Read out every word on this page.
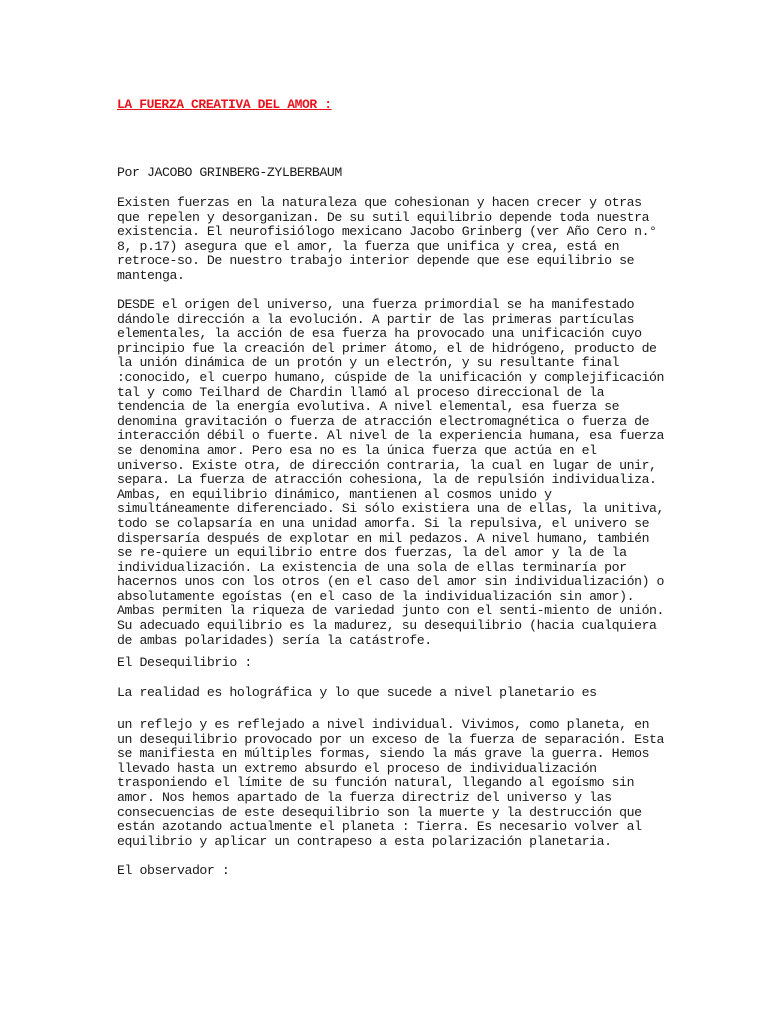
LA FUERZA CREATIVA DEL AMOR :

Por JACOBO GRINBERG-ZYLBERBAUM

Existen fuerzas en la naturaleza que cohesionan y hacen crecer y otras
que repelen y desorganizan. De su sutil equilibrio depende toda nuestra
existencia. El neurofisiólogo mexicano Jacobo Grinberg (ver Año Cero n.°
8, p.17) asegura que el amor, la fuerza que unifica y crea, está en
retroce-so. De nuestro trabajo interior depende que ese equilibrio se
mantenga.

DESDE el origen del universo, una fuerza primordial se ha manifestado
dándole dirección a la evolución. A partir de las primeras partículas
elementales, la acción de esa fuerza ha provocado una unificación cuyo
principio fue la creación del primer átomo, el de hidrógeno, producto de
la unión dinámica de un protón y un electrón, y su resultante final
:conocido, el cuerpo humano, cúspide de la unificación y complejificación
tal y como Teilhard de Chardin llamó al proceso direccional de la
tendencia de la energía evolutiva. A nivel elemental, esa fuerza se
denomina gravitación o fuerza de atracción electromagnética o fuerza de
interacción débil o fuerte. Al nivel de la experiencia humana, esa fuerza
se denomina amor. Pero esa no es la única fuerza que actúa en el
universo. Existe otra, de dirección contraria, la cual en lugar de unir,
separa. La fuerza de atracción cohesiona, la de repulsión individualiza.
Ambas, en equilibrio dinámico, mantienen al cosmos unido y
simultáneamente diferenciado. Si sólo existiera una de ellas, la unitiva,
todo se colapsaría en una unidad amorfa. Si la repulsiva, el univero se
dispersaría después de explotar en mil pedazos. A nivel humano, también
se re-quiere un equilibrio entre dos fuerzas, la del amor y la de la
individualización. La existencia de una sola de ellas terminaría por
hacernos unos con los otros (en el caso del amor sin individualización) o
absolutamente egoístas (en el caso de la individualización sin amor).
Ambas permiten la riqueza de variedad junto con el senti-miento de unión.
Su adecuado equilibrio es la madurez, su desequilibrio (hacia cualquiera
de ambas polaridades) sería la catástrofe.

El Desequilibrio :

La realidad es holográfica y lo que sucede a nivel planetario es

un reflejo y es reflejado a nivel individual. Vivimos, como planeta, en
un desequilibrio provocado por un exceso de la fuerza de separación. Esta
se manifiesta en múltiples formas, siendo la más grave la guerra. Hemos
llevado hasta un extremo absurdo el proceso de individualización
trasponiendo el límite de su función natural, llegando al egoísmo sin
amor. Nos hemos apartado de la fuerza directriz del universo y las
consecuencias de este desequilibrio son la muerte y la destrucción que
están azotando actualmente el planeta : Tierra. Es necesario volver al
equilibrio y aplicar un contrapeso a esta polarización planetaria.

El observador :
